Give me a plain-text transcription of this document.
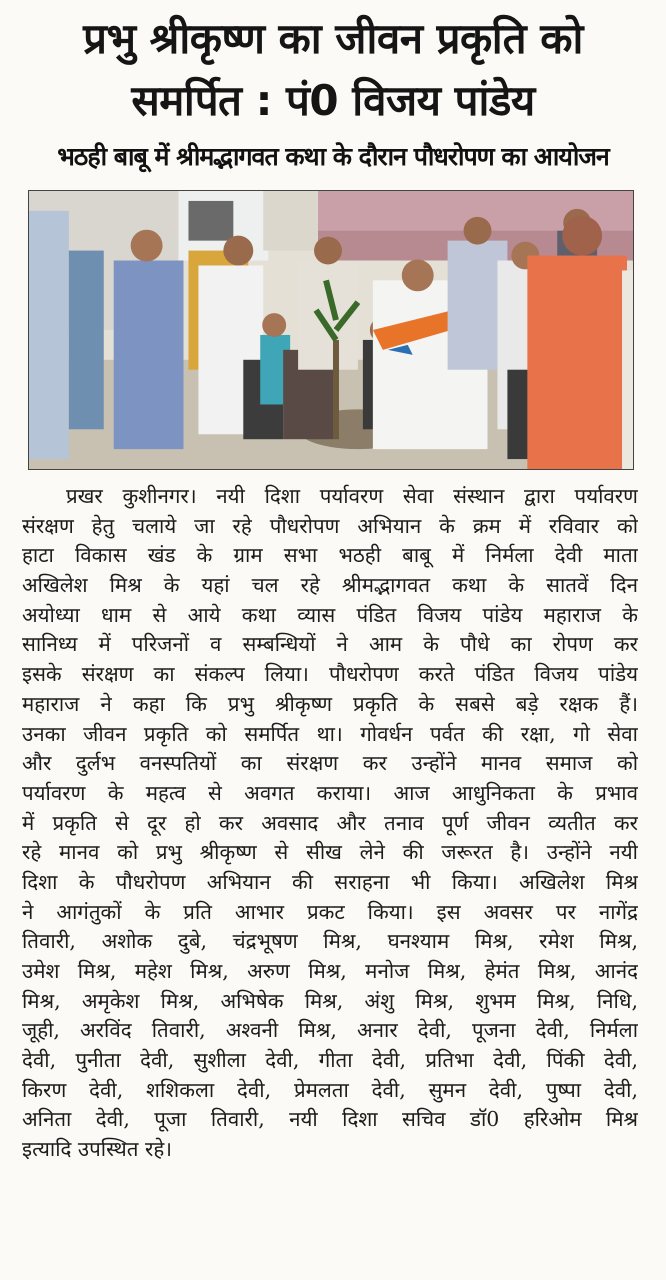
प्रभु श्रीकृष्ण का जीवन प्रकृति को
समर्पित : पं0 विजय पांडेय
भठही बाबू में श्रीमद्भागवत कथा के दौरान पौधरोपण का आयोजन
प्रखर कुशीनगर। नयी दिशा पर्यावरण सेवा संस्थान द्वारा पर्यावरण
संरक्षण हेतु चलाये जा रहे पौधरोपण अभियान के क्रम में रविवार को
हाटा विकास खंड के ग्राम सभा भठही बाबू में निर्मला देवी माता
अखिलेश मिश्र के यहां चल रहे श्रीमद्भागवत कथा के सातवें दिन
अयोध्या धाम से आये कथा व्यास पंडित विजय पांडेय महाराज के
सानिध्य में परिजनों व सम्बन्धियों ने आम के पौधे का रोपण कर
इसके संरक्षण का संकल्प लिया। पौधरोपण करते पंडित विजय पांडेय
महाराज ने कहा कि प्रभु श्रीकृष्ण प्रकृति के सबसे बड़े रक्षक हैं।
उनका जीवन प्रकृति को समर्पित था। गोवर्धन पर्वत की रक्षा, गो सेवा
और दुर्लभ वनस्पतियों का संरक्षण कर उन्होंने मानव समाज को
पर्यावरण के महत्व से अवगत कराया। आज आधुनिकता के प्रभाव
में प्रकृति से दूर हो कर अवसाद और तनाव पूर्ण जीवन व्यतीत कर
रहे मानव को प्रभु श्रीकृष्ण से सीख लेने की जरूरत है। उन्होंने नयी
दिशा के पौधरोपण अभियान की सराहना भी किया। अखिलेश मिश्र
ने आगंतुकों के प्रति आभार प्रकट किया। इस अवसर पर नागेंद्र
तिवारी, अशोक दुबे, चंद्रभूषण मिश्र, घनश्याम मिश्र, रमेश मिश्र,
उमेश मिश्र, महेश मिश्र, अरुण मिश्र, मनोज मिश्र, हेमंत मिश्र, आनंद
मिश्र, अमृकेश मिश्र, अभिषेक मिश्र, अंशु मिश्र, शुभम मिश्र, निधि,
जूही, अरविंद तिवारी, अश्वनी मिश्र, अनार देवी, पूजना देवी, निर्मला
देवी, पुनीता देवी, सुशीला देवी, गीता देवी, प्रतिभा देवी, पिंकी देवी,
किरण देवी, शशिकला देवी, प्रेमलता देवी, सुमन देवी, पुष्पा देवी,
अनिता देवी, पूजा तिवारी, नयी दिशा सचिव डॉ0 हरिओम मिश्र
इत्यादि उपस्थित रहे।
